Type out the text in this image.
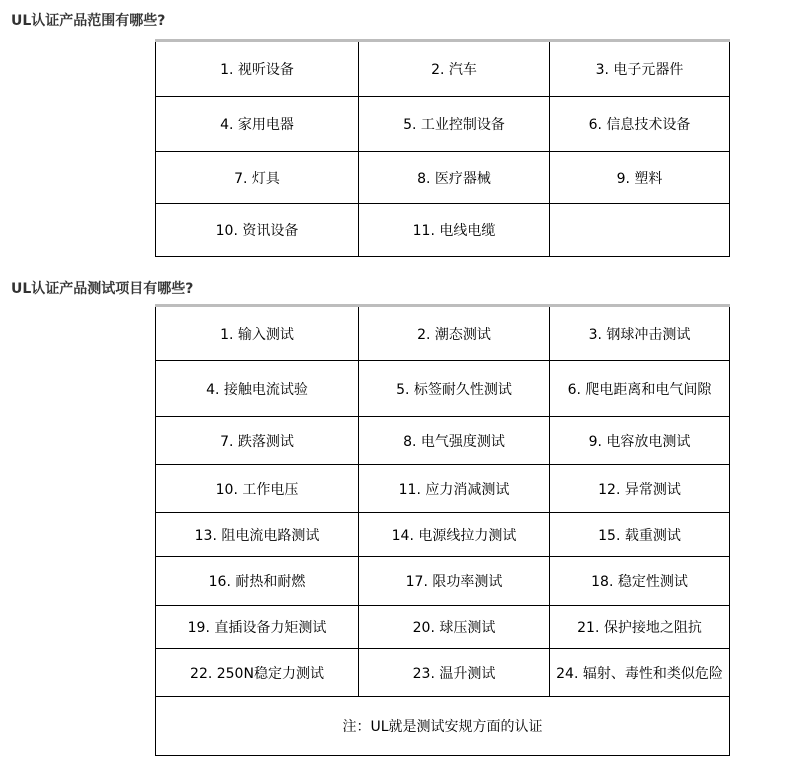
UL认证产品范围有哪些?
1. 视听设备	2. 汽车	3. 电子元器件
4. 家用电器	5. 工业控制设备	6. 信息技术设备
7. 灯具	8. 医疗器械	9. 塑料
10. 资讯设备	11. 电线电缆	
UL认证产品测试项目有哪些?
1. 输入测试	2. 潮态测试	3. 钢球冲击测试
4. 接触电流试验	5. 标签耐久性测试	6. 爬电距离和电气间隙
7. 跌落测试	8. 电气强度测试	9. 电容放电测试
10. 工作电压	11. 应力消减测试	12. 异常测试
13. 阻电流电路测试	14. 电源线拉力测试	15. 载重测试
16. 耐热和耐燃	17. 限功率测试	18. 稳定性测试
19. 直插设备力矩测试	20. 球压测试	21. 保护接地之阻抗
22. 250N稳定力测试	23. 温升测试	24. 辐射、毒性和类似危险
注：UL就是测试安规方面的认证		
